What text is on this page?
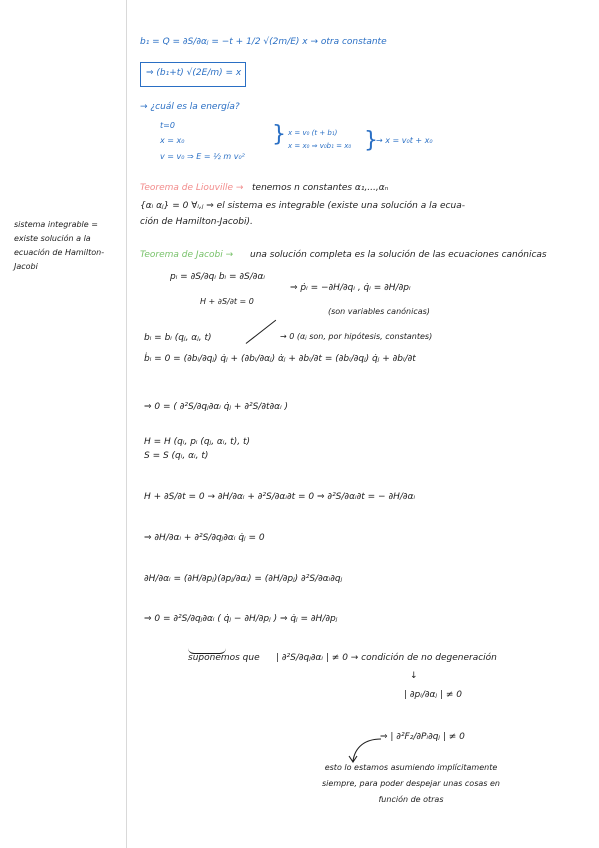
sistema integrable = existe solución a la ecuación de Hamilton-Jacobi
b₁ = Q = ∂S/∂αⱼ = −t + 1/2 √(2m/E) x → otra constante
⇒ (b₁+t) √(2E/m) = x
→ ¿cuál es la energía?
t=0
x = x₀
v = v₀ ⇒ E = ½ m v₀²
} x = v₀ (t + b₁)
x = x₀ ⇒ v₀b₁ = x₀ }
→ x = v₀t + x₀
Teorema de Liouville → tenemos n constantes α₁,...,αₙ
{αᵢ αⱼ} = 0 ∀ᵢ,ⱼ ⇒ el sistema es integrable (existe una solución a la ecua-
ción de Hamilton-Jacobi).
Teorema de Jacobi → una solución completa es la solución de las ecuaciones canónicas
pᵢ = ∂S/∂qᵢ bᵢ = ∂S/∂αᵢ
H + ∂S/∂t = 0
⇒ ṗᵢ = −∂H/∂qᵢ , q̇ᵢ = ∂H/∂pᵢ
(son variables canónicas)
bᵢ = bᵢ (qⱼ, αⱼ, t)	→ 0 (αⱼ son, por hipótesis, constantes)
ḃᵢ = 0 = (∂bᵢ/∂qⱼ) q̇ⱼ + (∂bᵢ/∂αⱼ) α̇ⱼ + ∂bᵢ/∂t = (∂bᵢ/∂qⱼ) q̇ⱼ + ∂bᵢ/∂t
⇒ 0 = ( ∂²S/∂qⱼ∂αᵢ q̇ⱼ + ∂²S/∂t∂αᵢ )
H = H (qᵢ, pᵢ (qⱼ, αᵢ, t), t)
S = S (qᵢ, αᵢ, t)
H + ∂S/∂t = 0 → ∂H/∂αᵢ + ∂²S/∂αᵢ∂t = 0 ⇒ ∂²S/∂αᵢ∂t = − ∂H/∂αᵢ
⇒ ∂H/∂αᵢ + ∂²S/∂qⱼ∂αᵢ q̇ⱼ = 0
∂H/∂αᵢ = (∂H/∂pⱼ)(∂pⱼ/∂αᵢ) = (∂H/∂pⱼ) ∂²S/∂αᵢ∂qⱼ
⇒ 0 = ∂²S/∂qⱼ∂αᵢ ( q̇ⱼ − ∂H/∂pⱼ ) ⇒ q̇ⱼ = ∂H/∂pⱼ
suponemos que | ∂²S/∂qⱼ∂αᵢ | ≠ 0 → condición de no degeneración
↓
| ∂pᵢ/∂αⱼ | ≠ 0
⇒ | ∂²F₂/∂Pᵢ∂qⱼ | ≠ 0
esto lo estamos asumiendo implícitamente siempre, para poder despejar unas cosas en función de otras
